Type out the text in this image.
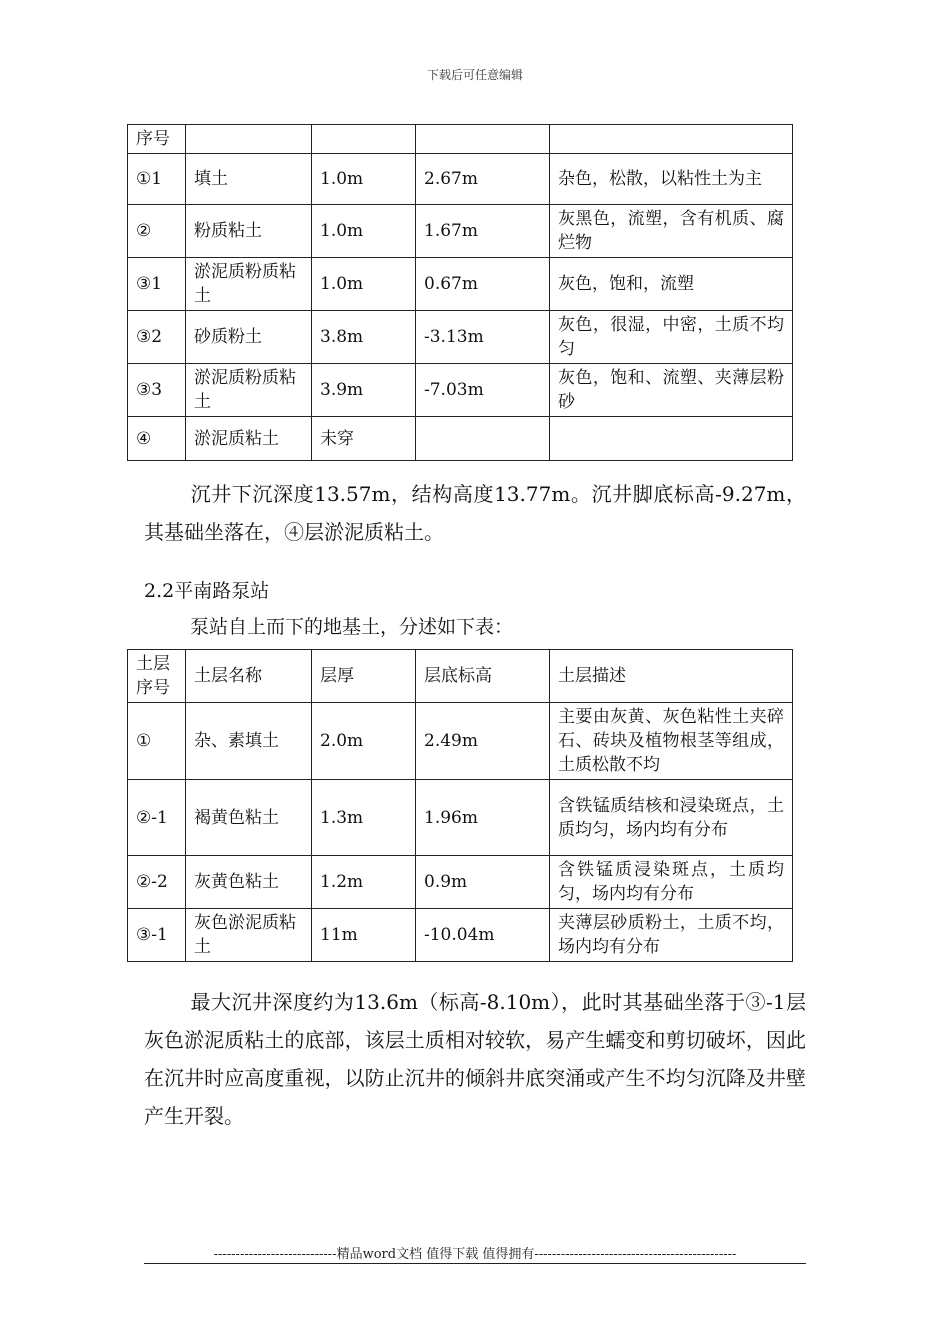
下载后可任意编辑
序号				
①1	填土	1.0m	2.67m	杂色，松散，以粘性土为主
②	粉质粘土	1.0m	1.67m	灰黑色，流塑，含有机质、腐烂物
③1	淤泥质粉质粘土	1.0m	0.67m	灰色，饱和，流塑
③2	砂质粉土	3.8m	-3.13m	灰色，很湿，中密，土质不均匀
③3	淤泥质粉质粘土	3.9m	-7.03m	灰色，饱和、流塑、夹薄层粉砂
④	淤泥质粘土	未穿		

沉井下沉深度13.57m，结构高度13.77m。沉井脚底标高-9.27m，其基础坐落在，④层淤泥质粘土。

2.2平南路泵站
泵站自上而下的地基土，分述如下表：
土层序号	土层名称	层厚	层底标高	土层描述
①	杂、素填土	2.0m	2.49m	主要由灰黄、灰色粘性土夹碎石、砖块及植物根茎等组成，土质松散不均
②-1	褐黄色粘土	1.3m	1.96m	含铁锰质结核和浸染斑点，土质均匀，场内均有分布
②-2	灰黄色粘土	1.2m	0.9m	含铁锰质浸染斑点，土质均匀，场内均有分布
③-1	灰色淤泥质粘土	11m	-10.04m	夹薄层砂质粉土，土质不均，场内均有分布

最大沉井深度约为13.6m（标高-8.10m），此时其基础坐落于③-1层灰色淤泥质粘土的底部，该层土质相对较软，易产生蠕变和剪切破坏，因此在沉井时应高度重视，以防止沉井的倾斜井底突涌或产生不均匀沉降及井壁产生开裂。

----------------------------精品word文档 值得下载 值得拥有----------------------------------------------
